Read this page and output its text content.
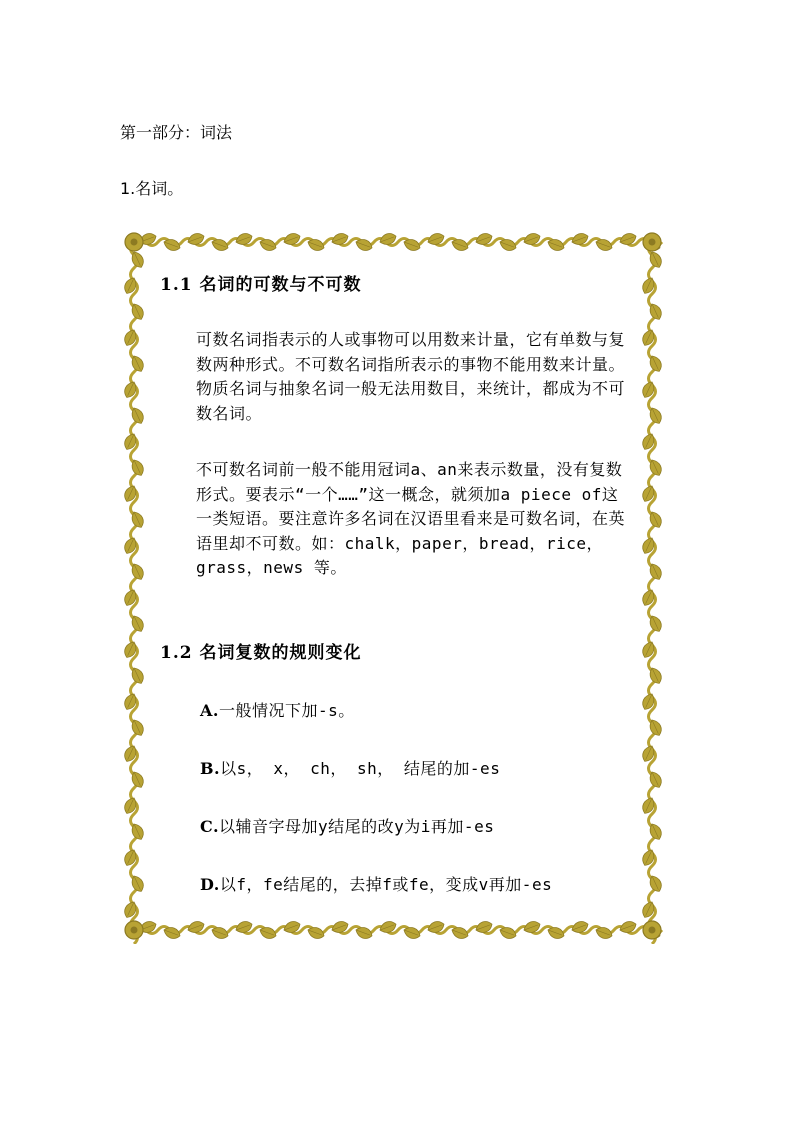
第一部分：词法
1.名词。
1.1 名词的可数与不可数
可数名词指表示的人或事物可以用数来计量，它有单数与复数两种形式。不可数名词指所表示的事物不能用数来计量。物质名词与抽象名词一般无法用数目，来统计，都成为不可数名词。
不可数名词前一般不能用冠词a、an来表示数量，没有复数形式。要表示“一个……”这一概念，就须加a piece of这一类短语。要注意许多名词在汉语里看来是可数名词，在英语里却不可数。如：chalk，paper，bread，rice，grass，news 等。
1.2 名词复数的规则变化
A.一般情况下加-s。
B.以s， x， ch， sh， 结尾的加-es
C.以辅音字母加y结尾的改y为i再加-es
D.以f，fe结尾的，去掉f或fe，变成v再加-es
